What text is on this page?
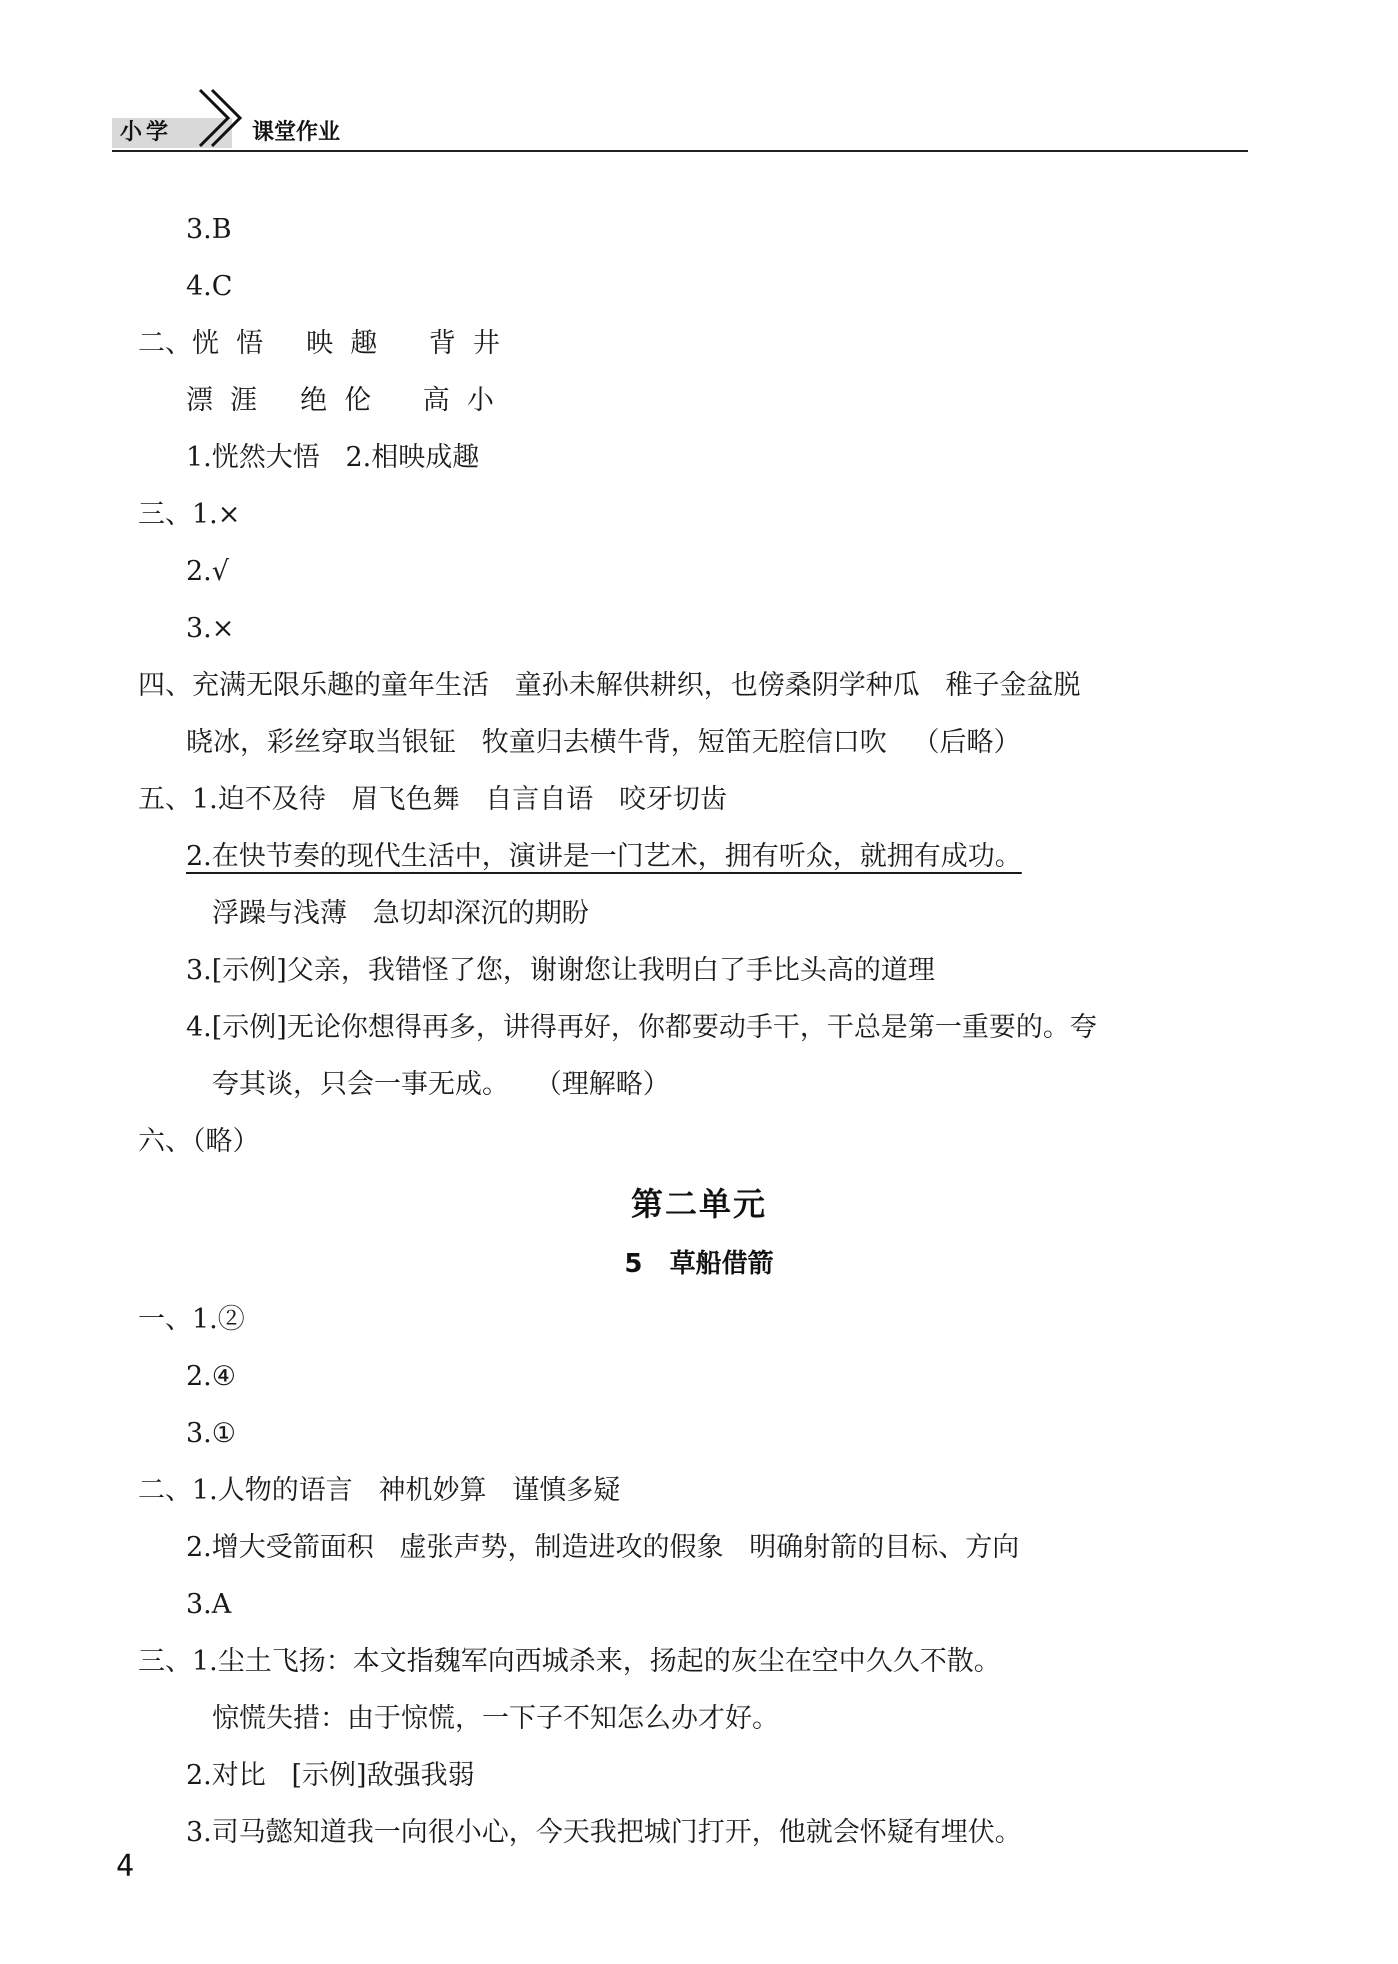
小学	课堂作业
3.B
4.C
二、恍  悟     映  趣      背  井
漂  涯     绝  伦      高  小
1.恍然大悟   2.相映成趣
三、1.×
2.√
3.×
四、充满无限乐趣的童年生活   童孙未解供耕织，也傍桑阴学种瓜   稚子金盆脱
晓冰，彩丝穿取当银钲   牧童归去横牛背，短笛无腔信口吹   （后略）
五、1.迫不及待   眉飞色舞   自言自语   咬牙切齿
2.在快节奏的现代生活中，演讲是一门艺术，拥有听众，就拥有成功。
浮躁与浅薄   急切却深沉的期盼
3.[示例]父亲，我错怪了您，谢谢您让我明白了手比头高的道理
4.[示例]无论你想得再多，讲得再好，你都要动手干，干总是第一重要的。夸
夸其谈，只会一事无成。   （理解略）
六、（略）
第二单元
5   草船借箭
一、1.②
2.④
3.①
二、1.人物的语言   神机妙算   谨慎多疑
2.增大受箭面积   虚张声势，制造进攻的假象   明确射箭的目标、方向
3.A
三、1.尘土飞扬：本文指魏军向西城杀来，扬起的灰尘在空中久久不散。
惊慌失措：由于惊慌，一下子不知怎么办才好。
2.对比   [示例]敌强我弱
3.司马懿知道我一向很小心，今天我把城门打开，他就会怀疑有埋伏。
4
